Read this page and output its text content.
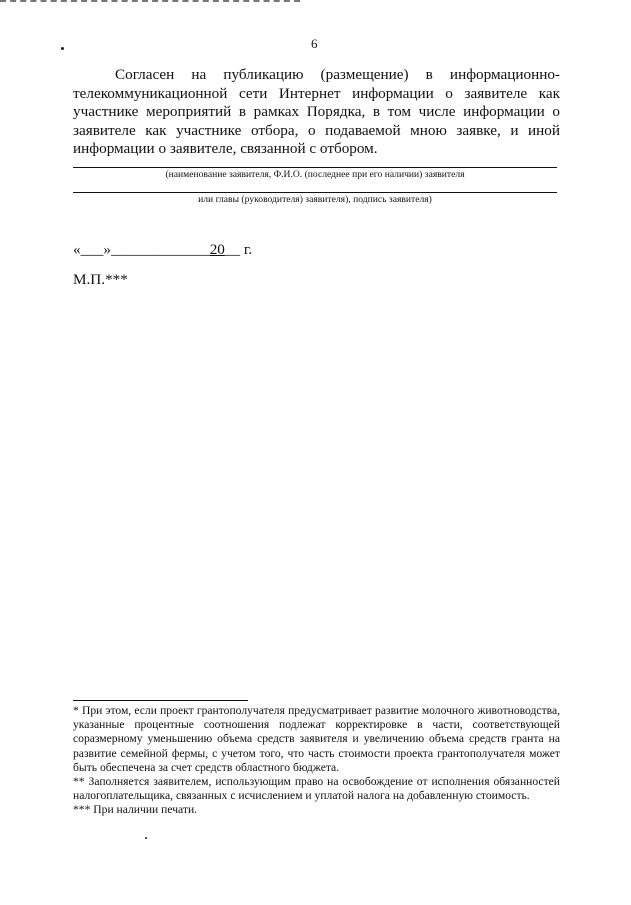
6

Согласен на публикацию (размещение) в информационно-телекоммуникационной сети Интернет информации о заявителе как участнике мероприятий в рамках Порядка, в том числе информации о заявителе как участнике отбора, о подаваемой мною заявке, и иной информации о заявителе, связанной с отбором.

(наименование заявителя, Ф.И.О. (последнее при его наличии) заявителя
или главы (руководителя) заявителя), подпись заявителя)
«___»_____________20__ г.
М.П.***

* При этом, если проект грантополучателя предусматривает развитие молочного животноводства, указанные процентные соотношения подлежат корректировке в части, соответствующей соразмерному уменьшению объема средств заявителя и увеличению объема средств гранта на развитие семейной фермы, с учетом того, что часть стоимости проекта грантополучателя может быть обеспечена за счет средств областного бюджета.

** Заполняется заявителем, использующим право на освобождение от исполнения обязанностей налогоплательщика, связанных с исчислением и уплатой налога на добавленную стоимость.

*** При наличии печати.
